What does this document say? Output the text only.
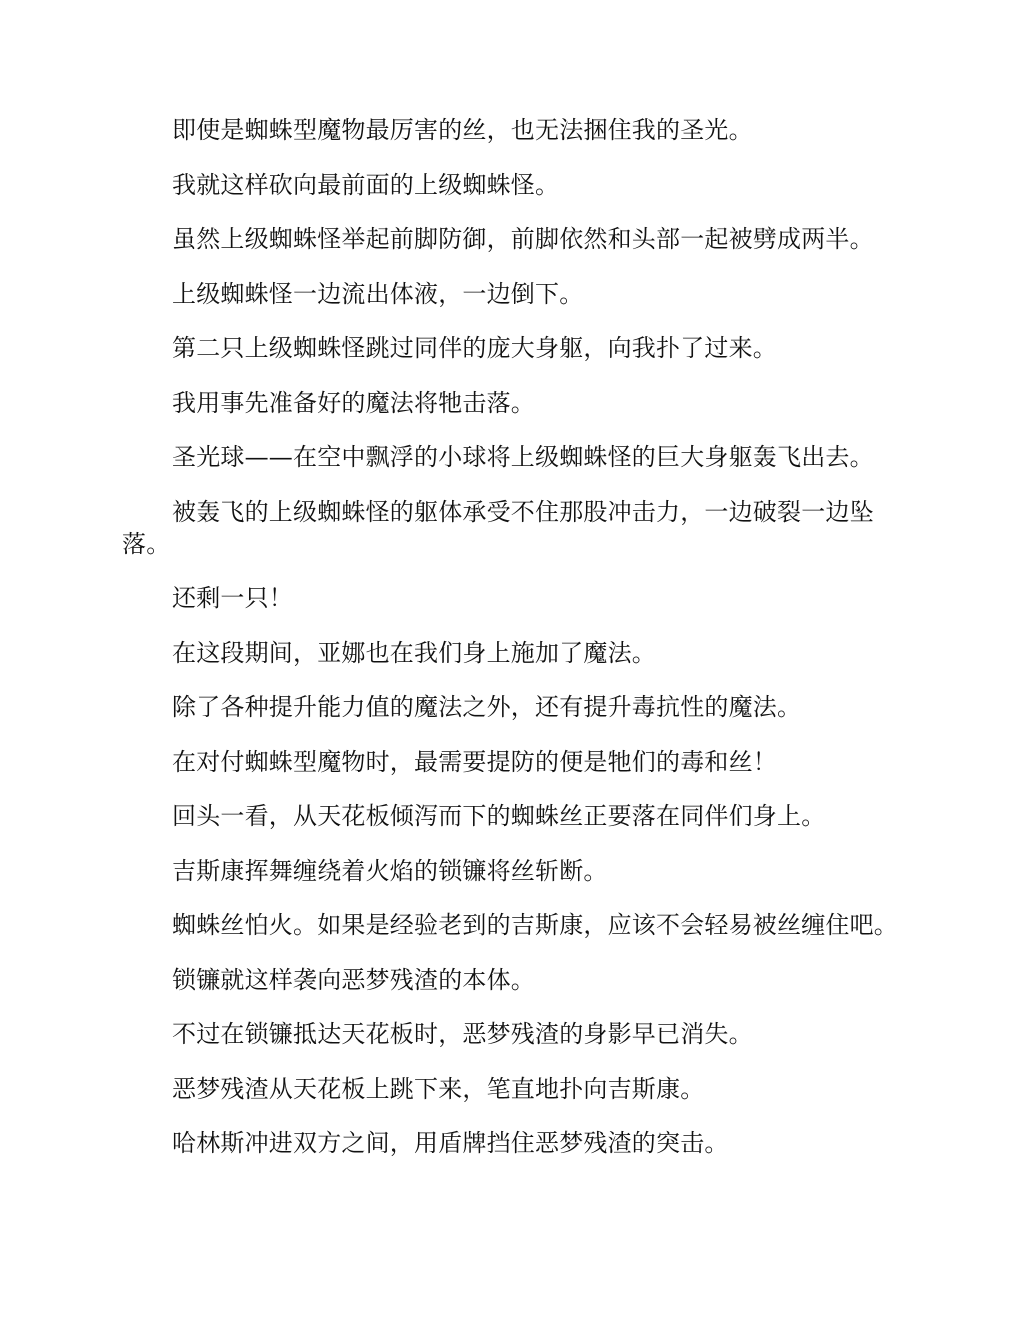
即使是蜘蛛型魔物最厉害的丝，也无法捆住我的圣光。

我就这样砍向最前面的上级蜘蛛怪。

虽然上级蜘蛛怪举起前脚防御，前脚依然和头部一起被劈成两半。

上级蜘蛛怪一边流出体液，一边倒下。

第二只上级蜘蛛怪跳过同伴的庞大身躯，向我扑了过来。

我用事先准备好的魔法将牠击落。

圣光球——在空中飘浮的小球将上级蜘蛛怪的巨大身躯轰飞出去。

被轰飞的上级蜘蛛怪的躯体承受不住那股冲击力，一边破裂一边坠落。

还剩一只！

在这段期间，亚娜也在我们身上施加了魔法。

除了各种提升能力值的魔法之外，还有提升毒抗性的魔法。

在对付蜘蛛型魔物时，最需要提防的便是牠们的毒和丝！

回头一看，从天花板倾泻而下的蜘蛛丝正要落在同伴们身上。

吉斯康挥舞缠绕着火焰的锁镰将丝斩断。

蜘蛛丝怕火。如果是经验老到的吉斯康，应该不会轻易被丝缠住吧。

锁镰就这样袭向恶梦残渣的本体。

不过在锁镰抵达天花板时，恶梦残渣的身影早已消失。

恶梦残渣从天花板上跳下来，笔直地扑向吉斯康。

哈林斯冲进双方之间，用盾牌挡住恶梦残渣的突击。
